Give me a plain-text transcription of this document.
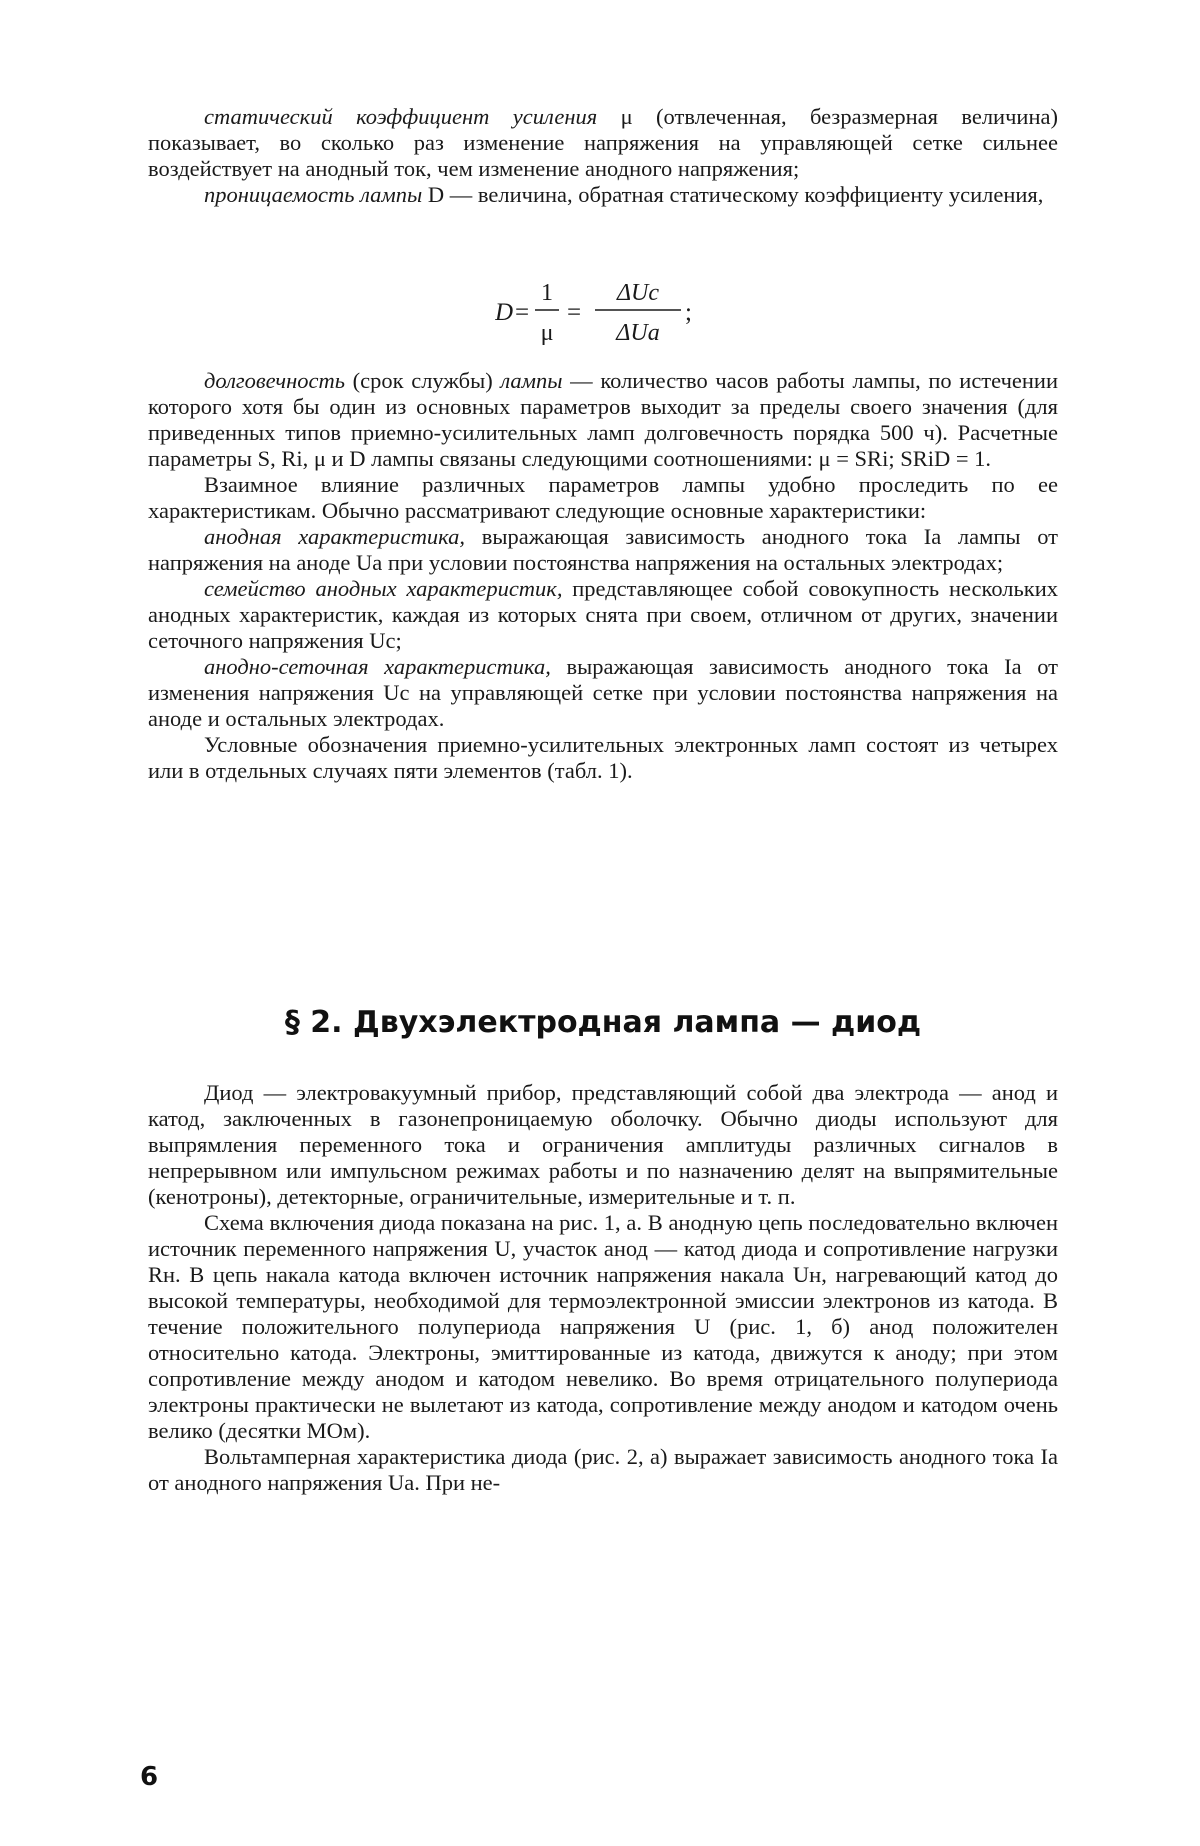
статический коэффициент усиления μ (отвлеченная, безразмерная величина) показывает, во сколько раз изменение напряжения на управляющей сетке сильнее воздействует на анодный ток, чем изменение анодного напряжения;

проницаемость лампы D — величина, обратная статическому коэффициенту усиления,

D =
1
μ
=
ΔUc
ΔUa
;

долговечность (срок службы) лампы — количество часов работы лампы, по истечении которого хотя бы один из основных параметров выходит за пределы своего значения (для приведенных типов приемно-усилительных ламп долговечность порядка 500 ч). Расчетные параметры S, Ri, μ и D лампы связаны следующими соотношениями: μ = SRi; SRiD = 1.

Взаимное влияние различных параметров лампы удобно проследить по ее характеристикам. Обычно рассматривают следующие основные характеристики:

анодная характеристика, выражающая зависимость анодного тока Iа лампы от напряжения на аноде Uа при условии постоянства напряжения на остальных электродах;

семейство анодных характеристик, представляющее собой совокупность нескольких анодных характеристик, каждая из которых снята при своем, отличном от других, значении сеточного напряжения Uс;

анодно-сеточная характеристика, выражающая зависимость анодного тока Iа от изменения напряжения Uс на управляющей сетке при условии постоянства напряжения на аноде и остальных электродах.

Условные обозначения приемно-усилительных электронных ламп состоят из четырех или в отдельных случаях пяти элементов (табл. 1).

§ 2. Двухэлектродная лампа — диод

Диод — электровакуумный прибор, представляющий собой два электрода — анод и катод, заключенных в газонепроницаемую оболочку. Обычно диоды используют для выпрямления переменного тока и ограничения амплитуды различных сигналов в непрерывном или импульсном режимах работы и по назначению делят на выпрямительные (кенотроны), детекторные, ограничительные, измерительные и т. п.

Схема включения диода показана на рис. 1, а. В анодную цепь последовательно включен источник переменного напряжения U, участок анод — катод диода и сопротивление нагрузки Rн. В цепь накала катода включен источник напряжения накала Uн, нагревающий катод до высокой температуры, необходимой для термоэлектронной эмиссии электронов из катода. В течение положительного полупериода напряжения U (рис. 1, б) анод положителен относительно катода. Электроны, эмиттированные из катода, движутся к аноду; при этом сопротивление между анодом и катодом невелико. Во время отрицательного полупериода электроны практически не вылетают из катода, сопротивление между анодом и катодом очень велико (десятки МОм).

Вольтамперная характеристика диода (рис. 2, а) выражает зависимость анодного тока Iа от анодного напряжения Uа. При не-

6
